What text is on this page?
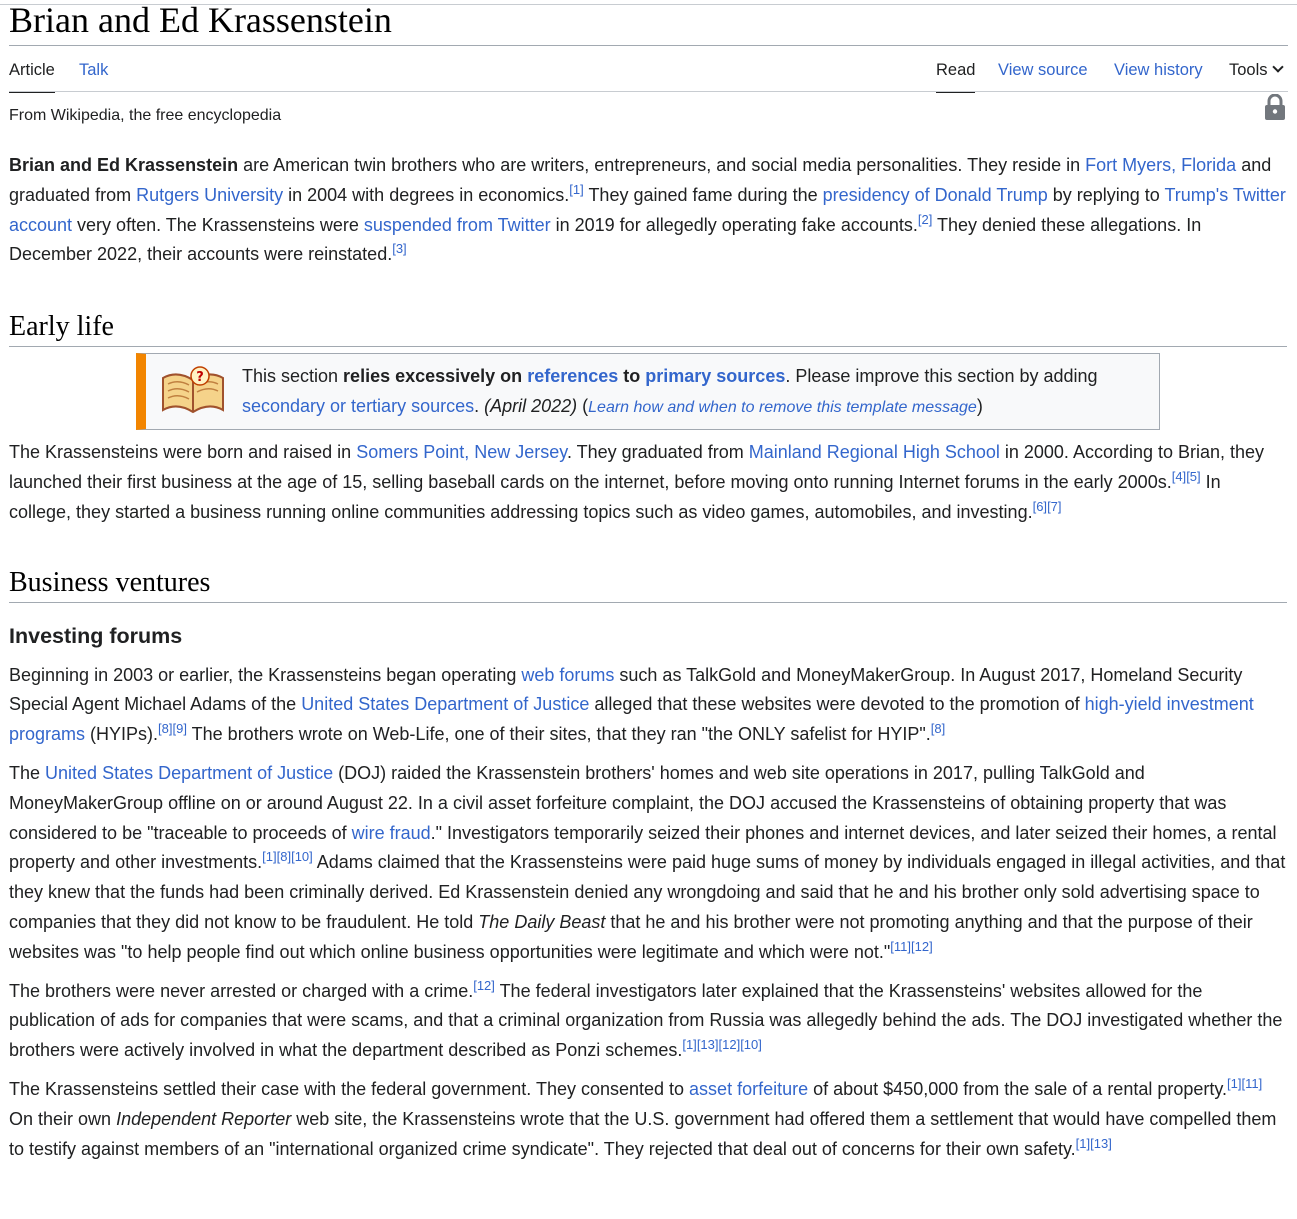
Brian and Ed Krassenstein
Article Talk	Read View source View history Tools
From Wikipedia, the free encyclopedia

Brian and Ed Krassenstein are American twin brothers who are writers, entrepreneurs, and social media personalities. They reside in Fort Myers, Florida and graduated from Rutgers University in 2004 with degrees in economics.[1] They gained fame during the presidency of Donald Trump by replying to Trump's Twitter account very often. The Krassensteins were suspended from Twitter in 2019 for allegedly operating fake accounts.[2] They denied these allegations. In December 2022, their accounts were reinstated.[3]

Early life
? This section relies excessively on references to primary sources. Please improve this section by adding secondary or tertiary sources. (April 2022) (Learn how and when to remove this template message)

The Krassensteins were born and raised in Somers Point, New Jersey. They graduated from Mainland Regional High School in 2000. According to Brian, they launched their first business at the age of 15, selling baseball cards on the internet, before moving onto running Internet forums in the early 2000s.[4][5] In college, they started a business running online communities addressing topics such as video games, automobiles, and investing.[6][7]

Business ventures
Investing forums

Beginning in 2003 or earlier, the Krassensteins began operating web forums such as TalkGold and MoneyMakerGroup. In August 2017, Homeland Security Special Agent Michael Adams of the United States Department of Justice alleged that these websites were devoted to the promotion of high-yield investment programs (HYIPs).[8][9] The brothers wrote on Web-Life, one of their sites, that they ran "the ONLY safelist for HYIP".[8]

The United States Department of Justice (DOJ) raided the Krassenstein brothers' homes and web site operations in 2017, pulling TalkGold and MoneyMakerGroup offline on or around August 22. In a civil asset forfeiture complaint, the DOJ accused the Krassensteins of obtaining property that was considered to be "traceable to proceeds of wire fraud." Investigators temporarily seized their phones and internet devices, and later seized their homes, a rental property and other investments.[1][8][10] Adams claimed that the Krassensteins were paid huge sums of money by individuals engaged in illegal activities, and that they knew that the funds had been criminally derived. Ed Krassenstein denied any wrongdoing and said that he and his brother only sold advertising space to companies that they did not know to be fraudulent. He told The Daily Beast that he and his brother were not promoting anything and that the purpose of their websites was "to help people find out which online business opportunities were legitimate and which were not."[11][12]

The brothers were never arrested or charged with a crime.[12] The federal investigators later explained that the Krassensteins' websites allowed for the publication of ads for companies that were scams, and that a criminal organization from Russia was allegedly behind the ads. The DOJ investigated whether the brothers were actively involved in what the department described as Ponzi schemes.[1][13][12][10]

The Krassensteins settled their case with the federal government. They consented to asset forfeiture of about $450,000 from the sale of a rental property.[1][11] On their own Independent Reporter web site, the Krassensteins wrote that the U.S. government had offered them a settlement that would have compelled them to testify against members of an "international organized crime syndicate". They rejected that deal out of concerns for their own safety.[1][13]
